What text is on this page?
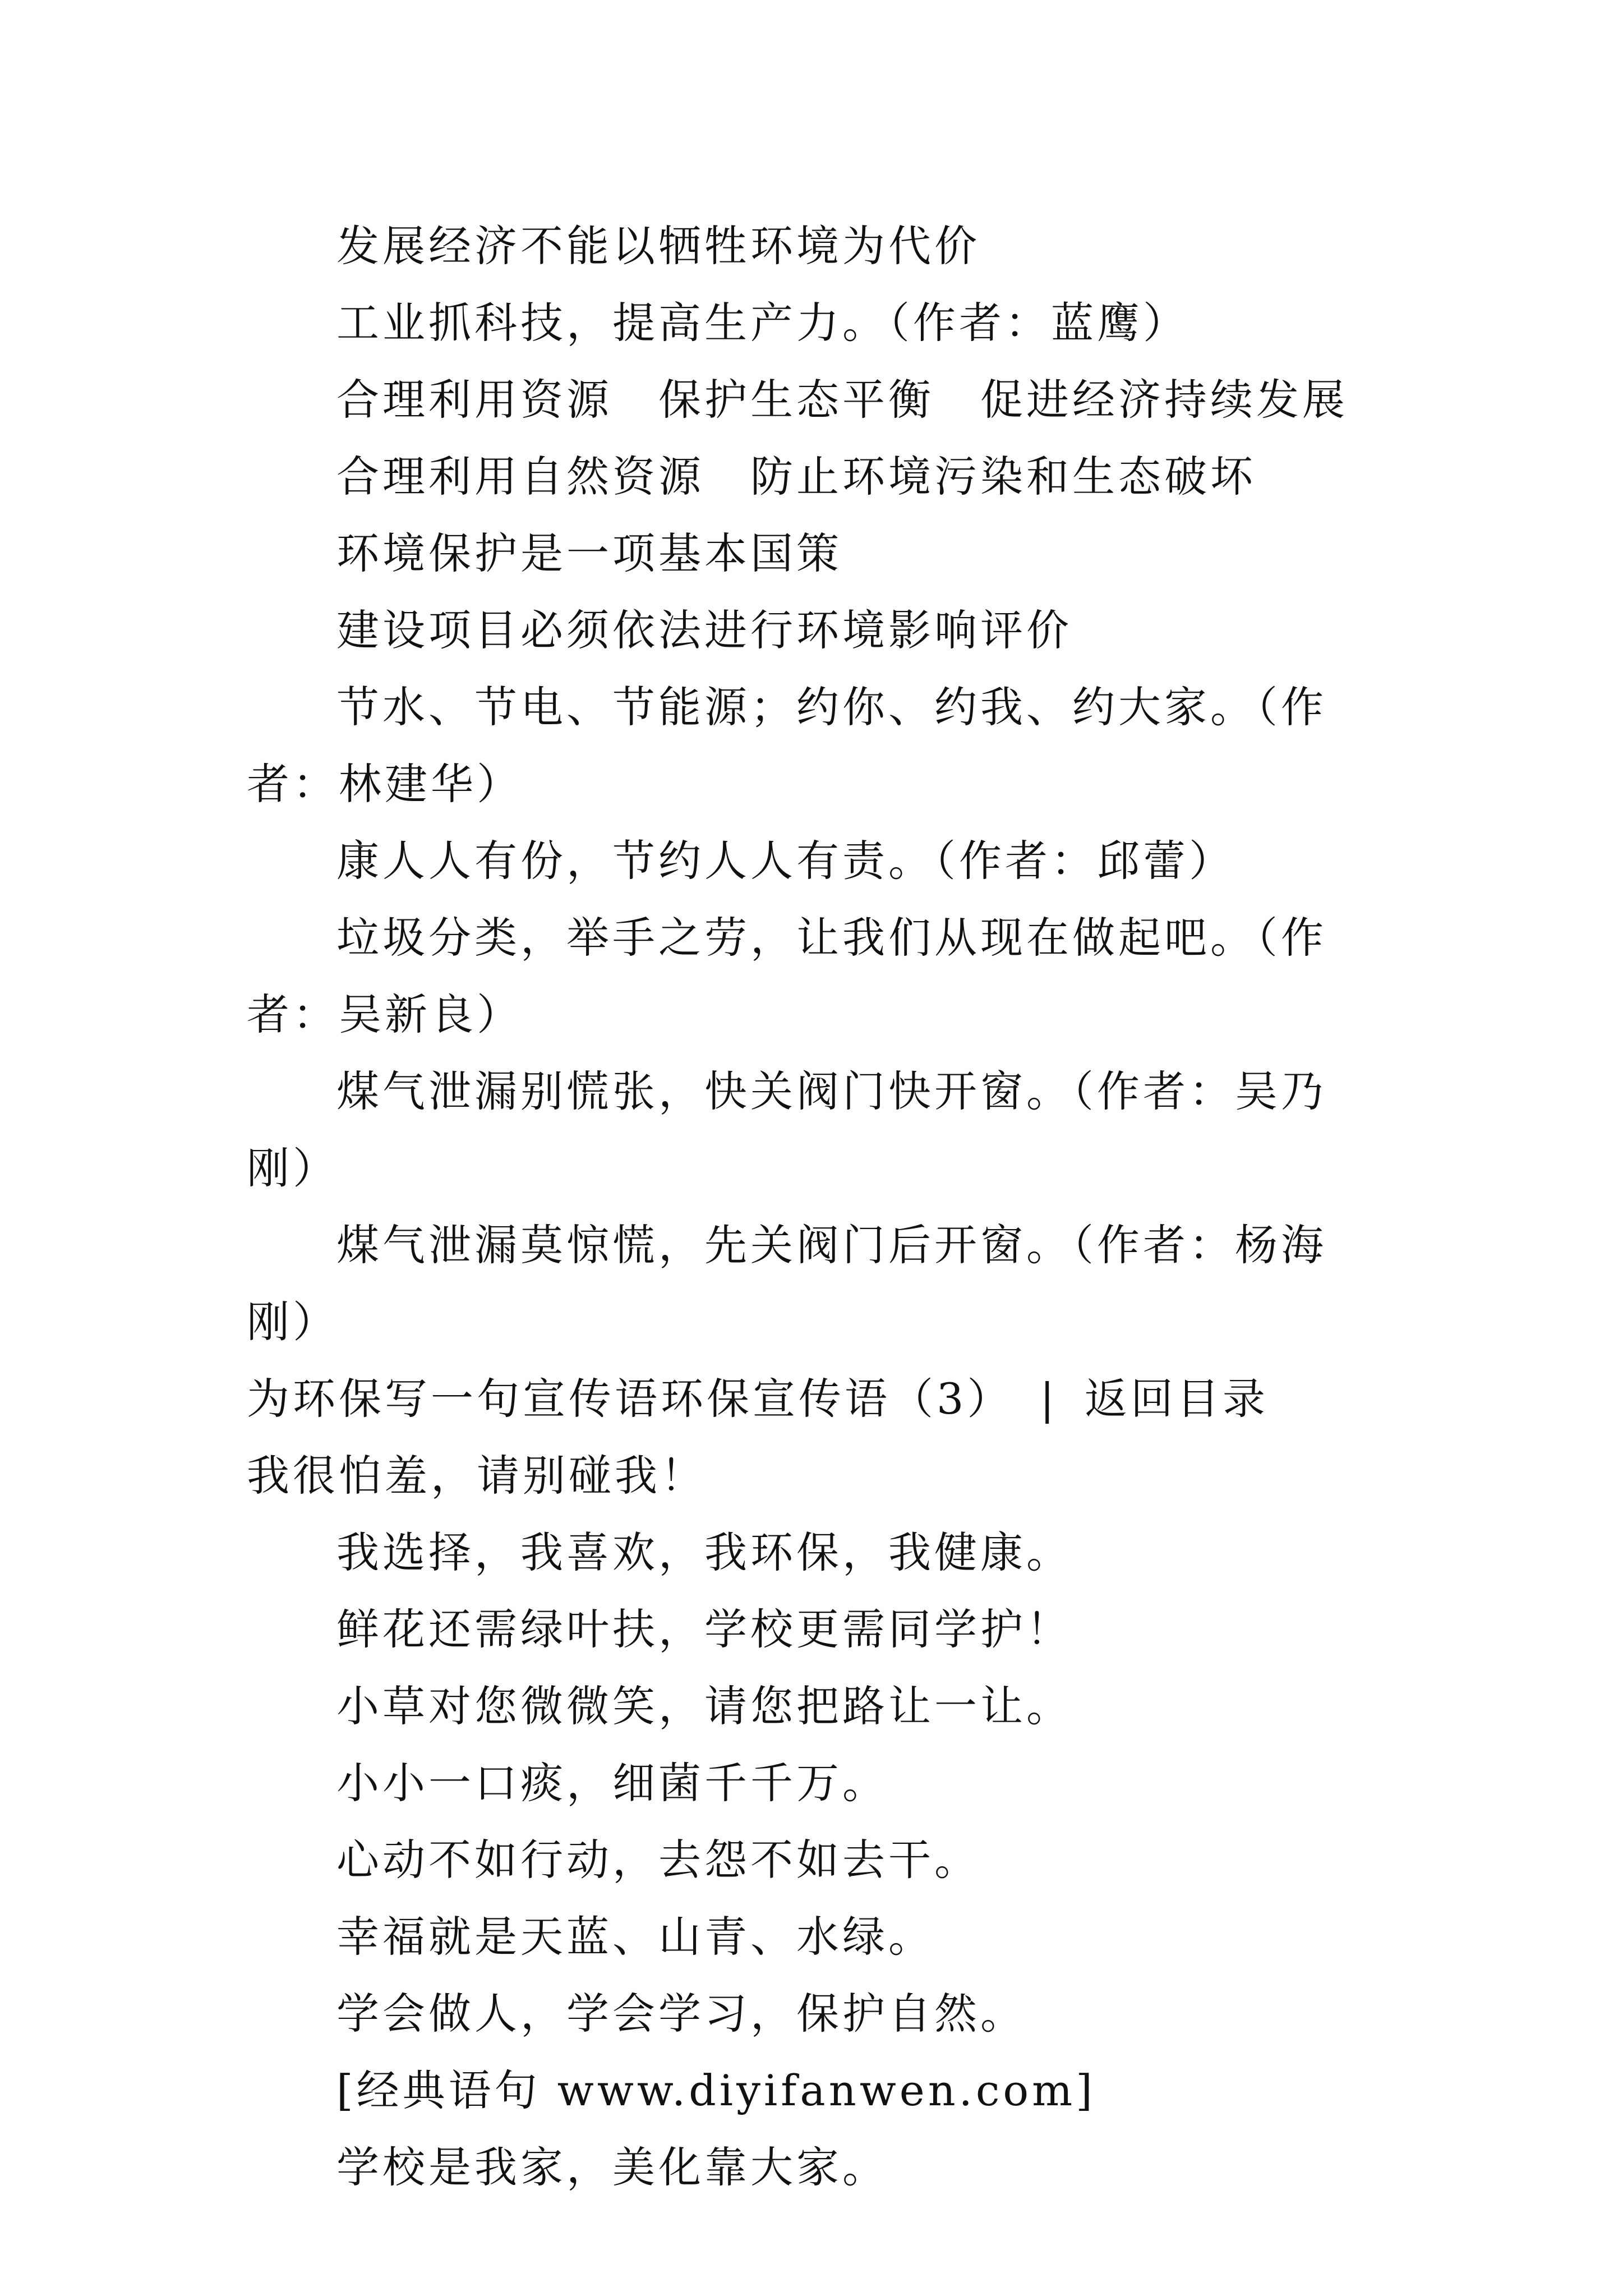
发展经济不能以牺牲环境为代价

工业抓科技，提高生产力。（作者：蓝鹰）

合理利用资源　保护生态平衡　促进经济持续发展

合理利用自然资源　防止环境污染和生态破坏

环境保护是一项基本国策

建设项目必须依法进行环境影响评价

节水、节电、节能源；约你、约我、约大家。（作者：林建华）

康人人有份，节约人人有责。（作者：邱蕾）

垃圾分类，举手之劳，让我们从现在做起吧。（作者：吴新良）

煤气泄漏别慌张，快关阀门快开窗。（作者：吴乃刚）

煤气泄漏莫惊慌，先关阀门后开窗。（作者：杨海刚）

为环保写一句宣传语环保宣传语（3） | 返回目录我很怕羞，请别碰我！

我选择，我喜欢，我环保，我健康。

鲜花还需绿叶扶，学校更需同学护！

小草对您微微笑，请您把路让一让。

小小一口痰，细菌千千万。

心动不如行动，去怨不如去干。

幸福就是天蓝、山青、水绿。

学会做人，学会学习，保护自然。

[经典语句 www.diyifanwen.com]

学校是我家，美化靠大家。
